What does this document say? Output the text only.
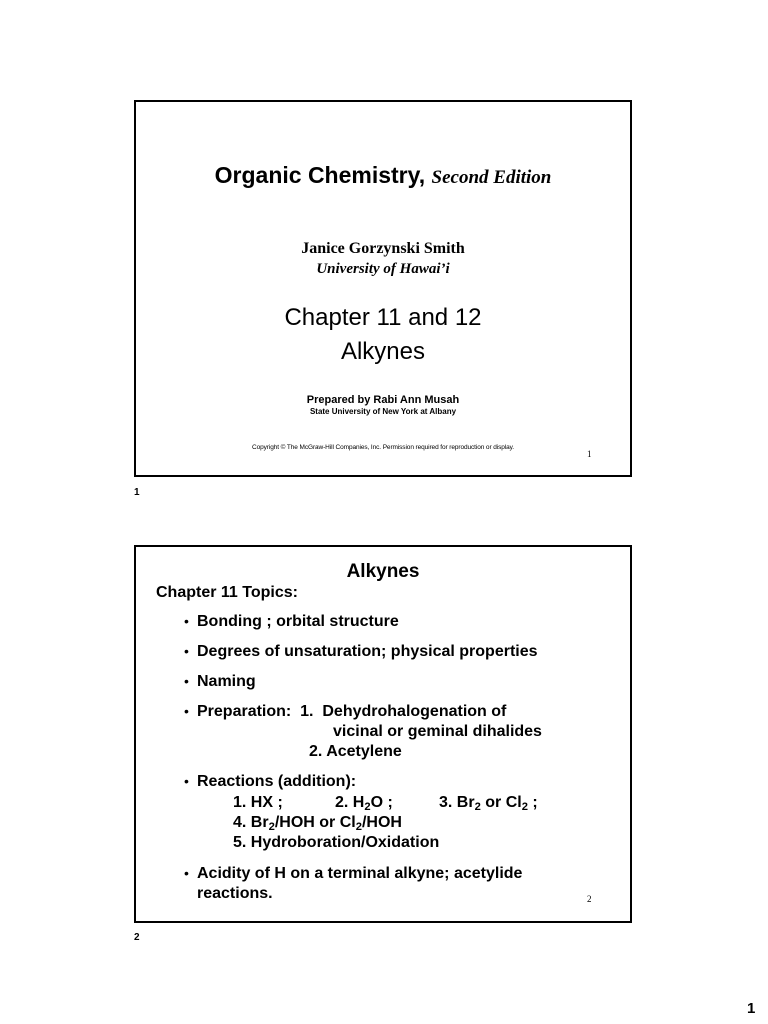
Organic Chemistry, Second Edition
Janice Gorzynski Smith
University of Hawai’i
Chapter 11 and 12
Alkynes
Prepared by Rabi Ann Musah
State University of New York at Albany
Copyright © The McGraw-Hill Companies, Inc. Permission required for reproduction or display.
1
1
Alkynes
Chapter 11 Topics:
• Bonding ; orbital structure
• Degrees of unsaturation; physical properties
• Naming
• Preparation:  1.  Dehydrohalogenation of
vicinal or geminal dihalides
2. Acetylene
• Reactions (addition):
1. HX ;	2. $H_2O$ ;	3. $Br_2$ or $Cl_2$ ;
4. $Br_2$/HOH or $Cl_2$/HOH
5. Hydroboration/Oxidation
• Acidity of H on a terminal alkyne; acetylide
reactions.	2
2
1
